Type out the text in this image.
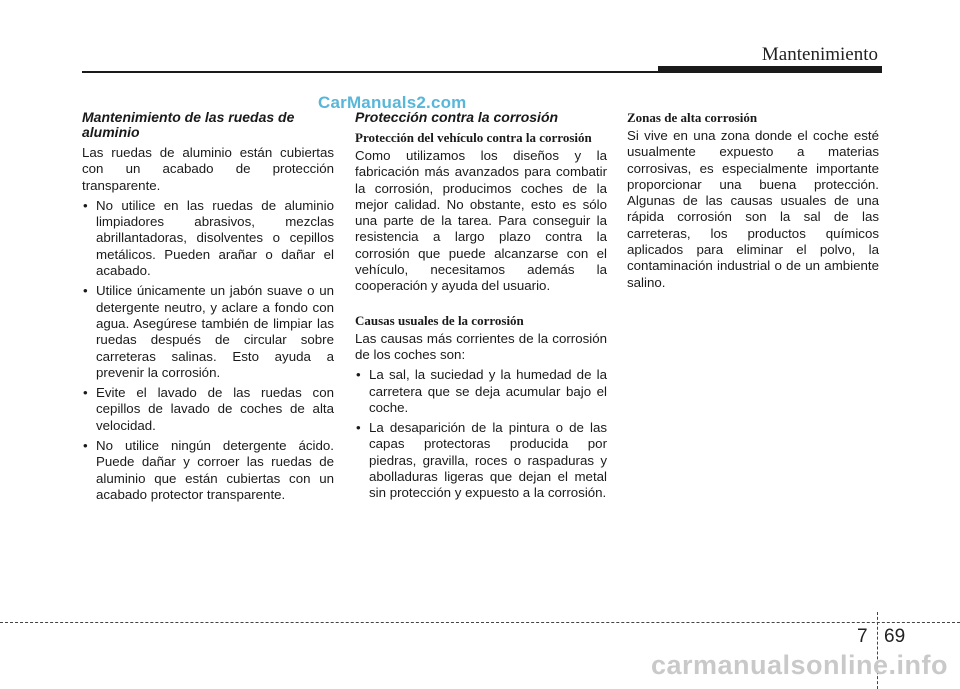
Mantenimiento
CarManuals2.com
Mantenimiento de las ruedas de aluminio

Las ruedas de aluminio están cubiertas con un acabado de protección transparente.

• No utilice en las ruedas de aluminio limpiadores abrasivos, mezclas abrillantadoras, disolventes o cepillos metálicos. Pueden arañar o dañar el acabado.
• Utilice únicamente un jabón suave o un detergente neutro, y aclare a fondo con agua. Asegúrese también de limpiar las ruedas después de circular sobre carreteras salinas. Esto ayuda a prevenir la corrosión.
• Evite el lavado de las ruedas con cepillos de lavado de coches de alta velocidad.
• No utilice ningún detergente ácido. Puede dañar y corroer las ruedas de aluminio que están cubiertas con un acabado protector transparente.
Protección contra la corrosión
Protección del vehículo contra la corrosión

Como utilizamos los diseños y la fabricación más avanzados para combatir la corrosión, producimos coches de la mejor calidad. No obstante, esto es sólo una parte de la tarea. Para conseguir la resistencia a largo plazo contra la corrosión que puede alcanzarse con el vehículo, necesitamos además la cooperación y ayuda del usuario.

Causas usuales de la corrosión

Las causas más corrientes de la corrosión de los coches son:

• La sal, la suciedad y la humedad de la carretera que se deja acumular bajo el coche.
• La desaparición de la pintura o de las capas protectoras producida por piedras, gravilla, roces o raspaduras y abolladuras ligeras que dejan el metal sin protección y expuesto a la corrosión.
Zonas de alta corrosión

Si vive en una zona donde el coche esté usualmente expuesto a materias corrosivas, es especialmente importante proporcionar una buena protección. Algunas de las causas usuales de una rápida corrosión son la sal de las carreteras, los productos químicos aplicados para eliminar el polvo, la contaminación industrial o de un ambiente salino.

7 69
carmanualsonline.info
